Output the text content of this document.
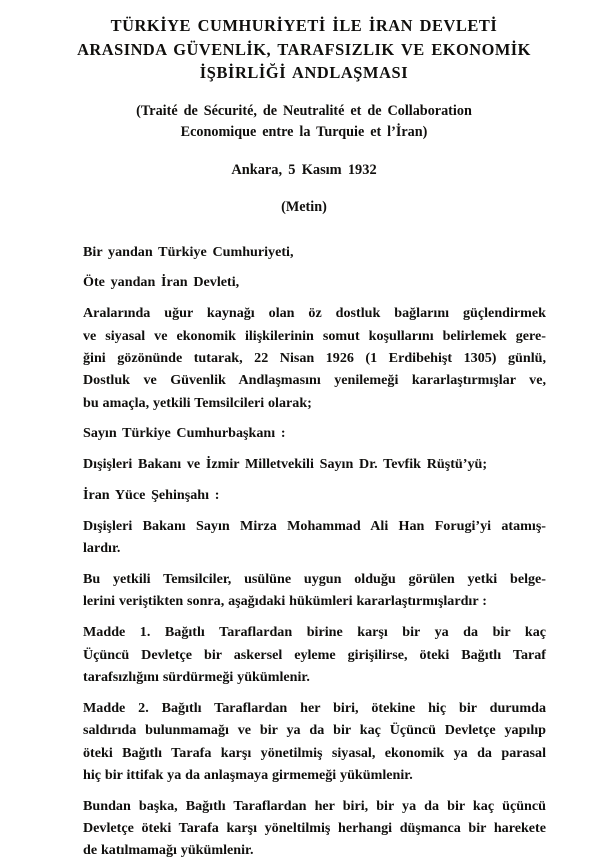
TÜRKİYE CUMHURİYETİ İLE İRAN DEVLETİ
ARASINDA GÜVENLİK, TARAFSIZLIK VE EKONOMİK
İŞBİRLİĞİ ANDLAŞMASI
(Traité de Sécurité, de Neutralité et de Collaboration
Economique entre la Turquie et l’İran)
Ankara, 5 Kasım 1932
(Metin)
Bir yandan Türkiye Cumhuriyeti,
Öte yandan İran Devleti,
Aralarında uğur kaynağı olan öz dostluk bağlarını güçlendirmek
ve siyasal ve ekonomik ilişkilerinin somut koşullarını belirlemek gere-
ğini gözönünde tutarak, 22 Nisan 1926 (1 Erdibehişt 1305) günlü,
Dostluk ve Güvenlik Andlaşmasını yenilemeği kararlaştırmışlar ve,
bu amaçla, yetkili Temsilcileri olarak;
Sayın Türkiye Cumhurbaşkanı :
Dışişleri Bakanı ve İzmir Milletvekili Sayın Dr. Tevfik Rüştü’yü;
İran Yüce Şehinşahı :
Dışişleri Bakanı Sayın Mirza Mohammad Ali Han Forugi’yi atamış-
lardır.
Bu yetkili Temsilciler, usülüne uygun olduğu görülen yetki belge-
lerini veriştikten sonra, aşağıdaki hükümleri kararlaştırmışlardır :
Madde 1. Bağıtlı Taraflardan birine karşı bir ya da bir kaç
Üçüncü Devletçe bir askersel eyleme girişilirse, öteki Bağıtlı Taraf
tarafsızlığını sürdürmeği yükümlenir.
Madde 2. Bağıtlı Taraflardan her biri, ötekine hiç bir durumda
saldırıda bulunmamağı ve bir ya da bir kaç Üçüncü Devletçe yapılıp
öteki Bağıtlı Tarafa karşı yönetilmiş siyasal, ekonomik ya da parasal
hiç bir ittifak ya da anlaşmaya girmemeği yükümlenir.
Bundan başka, Bağıtlı Taraflardan her biri, bir ya da bir kaç üçüncü
Devletçe öteki Tarafa karşı yöneltilmiş herhangi düşmanca bir harekete
de katılmamağı yükümlenir.
